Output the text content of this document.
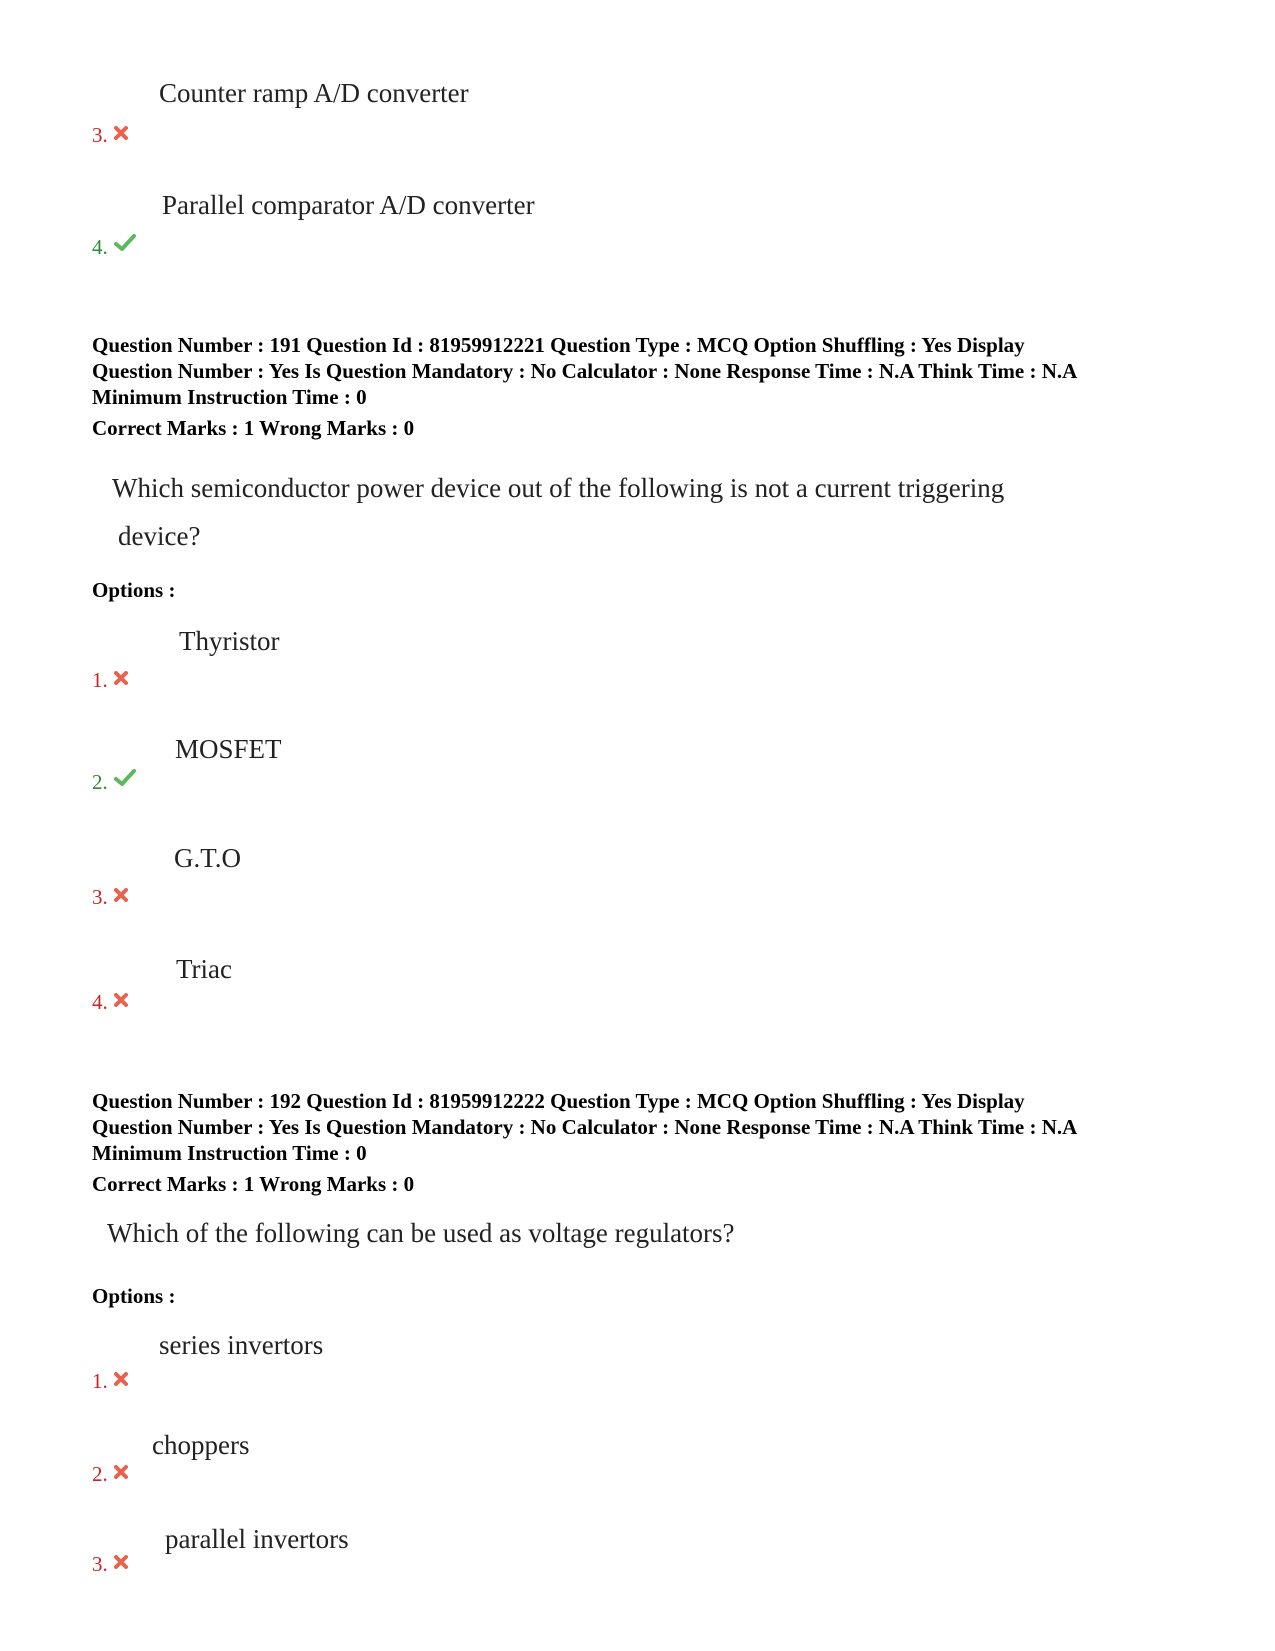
Counter ramp A/D converter
3.
Parallel comparator A/D converter
4.
Question Number : 191 Question Id : 81959912221 Question Type : MCQ Option Shuffling : Yes Display
Question Number : Yes Is Question Mandatory : No Calculator : None Response Time : N.A Think Time : N.A
Minimum Instruction Time : 0
Correct Marks : 1 Wrong Marks : 0
Which semiconductor power device out of the following is not a current triggering
device?
Options :
Thyristor
1.
MOSFET
2.
G.T.O
3.
Triac
4.
Question Number : 192 Question Id : 81959912222 Question Type : MCQ Option Shuffling : Yes Display
Question Number : Yes Is Question Mandatory : No Calculator : None Response Time : N.A Think Time : N.A
Minimum Instruction Time : 0
Correct Marks : 1 Wrong Marks : 0
Which of the following can be used as voltage regulators?
Options :
series invertors
1.
choppers
2.
parallel invertors
3.
